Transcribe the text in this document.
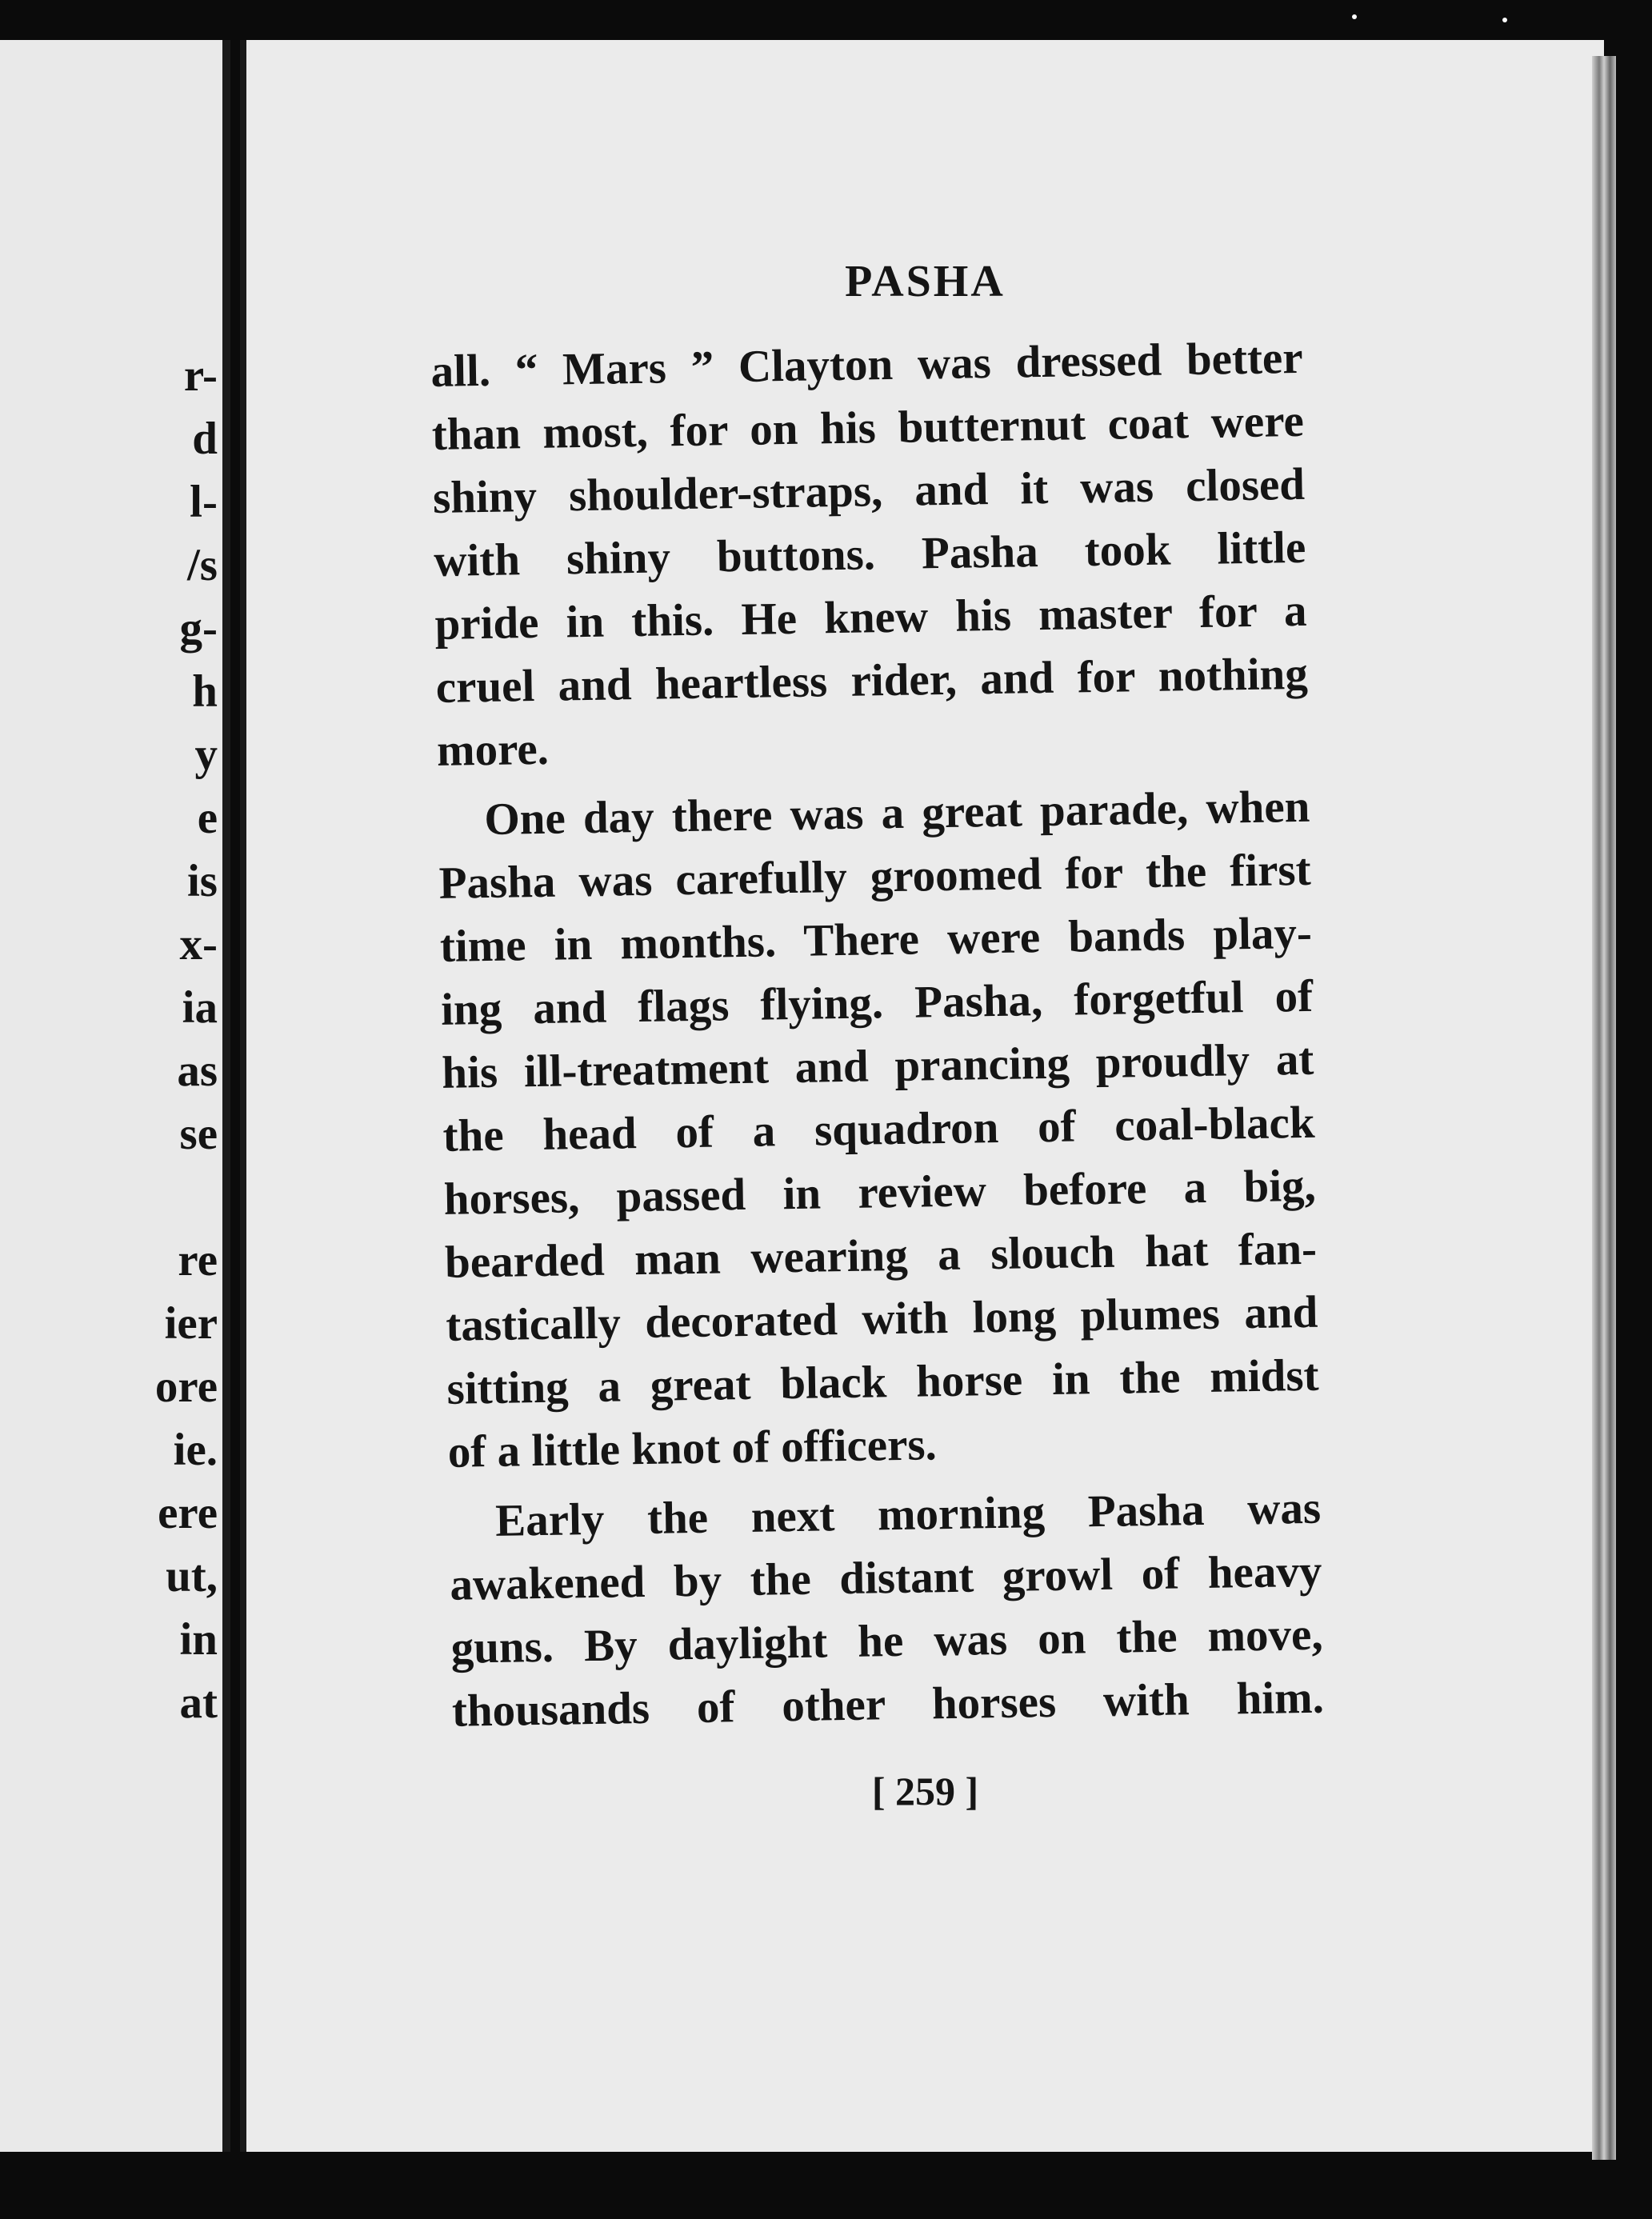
r-
d
l-
/s
g-
h
y
e
is
x-
ia
as
se
re
ier
ore
ie.
ere
ut,
in
at
PASHA
all. “ Mars ” Clayton was dressed better
than most, for on his butternut coat were
shiny shoulder-straps, and it was closed
with shiny buttons. Pasha took little
pride in this. He knew his master for a
cruel and heartless rider, and for nothing
more.
One day there was a great parade, when
Pasha was carefully groomed for the first
time in months. There were bands play-
ing and flags flying. Pasha, forgetful of
his ill-treatment and prancing proudly at
the head of a squadron of coal-black
horses, passed in review before a big,
bearded man wearing a slouch hat fan-
tastically decorated with long plumes and
sitting a great black horse in the midst
of a little knot of officers.
Early the next morning Pasha was
awakened by the distant growl of heavy
guns. By daylight he was on the move,
thousands of other horses with him.
[ 259 ]
